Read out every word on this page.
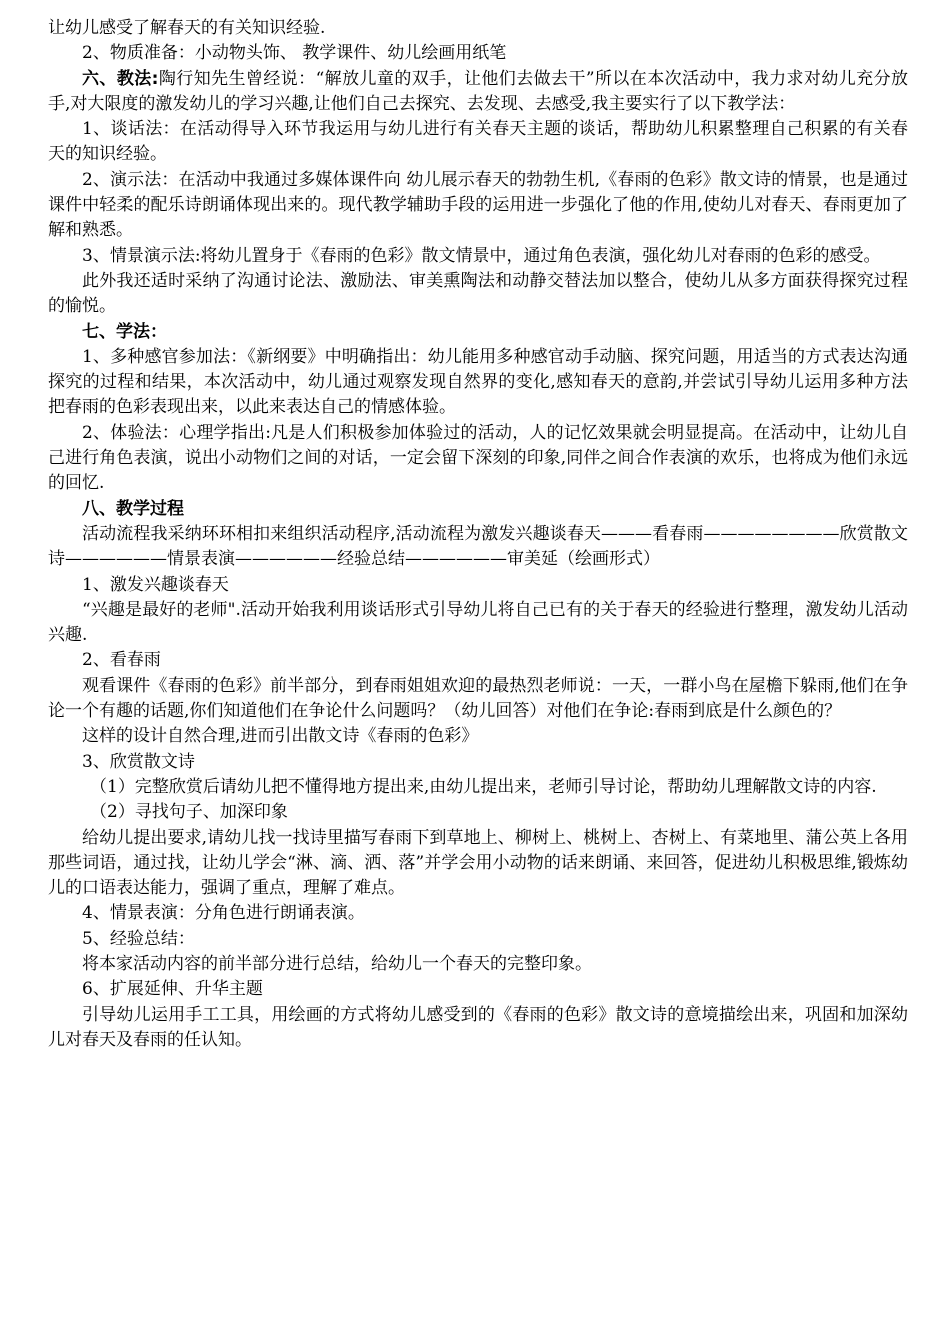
让幼儿感受了解春天的有关知识经验.

2、物质准备：小动物头饰、 教学课件、幼儿绘画用纸笔

六、教法:陶行知先生曾经说：“解放儿童的双手，让他们去做去干”所以在本次活动中，我力求对幼儿充分放手,对大限度的激发幼儿的学习兴趣,让他们自己去探究、去发现、去感受,我主要实行了以下教学法：

1、谈话法：在活动得导入环节我运用与幼儿进行有关春天主题的谈话，帮助幼儿积累整理自己积累的有关春天的知识经验。

2、演示法：在活动中我通过多媒体课件向 幼儿展示春天的勃勃生机,《春雨的色彩》散文诗的情景，也是通过课件中轻柔的配乐诗朗诵体现出来的。现代教学辅助手段的运用进一步强化了他的作用,使幼儿对春天、春雨更加了解和熟悉。

3、情景演示法:将幼儿置身于《春雨的色彩》散文情景中，通过角色表演，强化幼儿对春雨的色彩的感受。

此外我还适时采纳了沟通讨论法、激励法、审美熏陶法和动静交替法加以整合，使幼儿从多方面获得探究过程的愉悦。

七、学法：

1、多种感官参加法：《新纲要》中明确指出：幼儿能用多种感官动手动脑、探究问题，用适当的方式表达沟通探究的过程和结果，本次活动中，幼儿通过观察发现自然界的变化,感知春天的意韵,并尝试引导幼儿运用多种方法把春雨的色彩表现出来，以此来表达自己的情感体验。

2、体验法：心理学指出:凡是人们积极参加体验过的活动，人的记忆效果就会明显提高。在活动中，让幼儿自己进行角色表演，说出小动物们之间的对话，一定会留下深刻的印象,同伴之间合作表演的欢乐，也将成为他们永远的回忆.

八、教学过程

活动流程我采纳环环相扣来组织活动程序,活动流程为激发兴趣谈春天———看春雨————————欣赏散文诗——————情景表演——————经验总结——————审美延（绘画形式）

1、激发兴趣谈春天

“兴趣是最好的老师".活动开始我利用谈话形式引导幼儿将自己已有的关于春天的经验进行整理，激发幼儿活动兴趣.

2、看春雨

观看课件《春雨的色彩》前半部分，到春雨姐姐欢迎的最热烈老师说：一天，一群小鸟在屋檐下躲雨,他们在争论一个有趣的话题,你们知道他们在争论什么问题吗？（幼儿回答）对他们在争论:春雨到底是什么颜色的？

这样的设计自然合理,进而引出散文诗《春雨的色彩》

3、欣赏散文诗

（1）完整欣赏后请幼儿把不懂得地方提出来,由幼儿提出来，老师引导讨论，帮助幼儿理解散文诗的内容.

（2）寻找句子、加深印象

给幼儿提出要求,请幼儿找一找诗里描写春雨下到草地上、柳树上、桃树上、杏树上、有菜地里、蒲公英上各用那些词语，通过找，让幼儿学会“淋、滴、洒、落”并学会用小动物的话来朗诵、来回答，促进幼儿积极思维,锻炼幼儿的口语表达能力，强调了重点，理解了难点。

4、情景表演：分角色进行朗诵表演。

5、经验总结：

将本家活动内容的前半部分进行总结，给幼儿一个春天的完整印象。

6、扩展延伸、升华主题

引导幼儿运用手工工具，用绘画的方式将幼儿感受到的《春雨的色彩》散文诗的意境描绘出来，巩固和加深幼儿对春天及春雨的任认知。
